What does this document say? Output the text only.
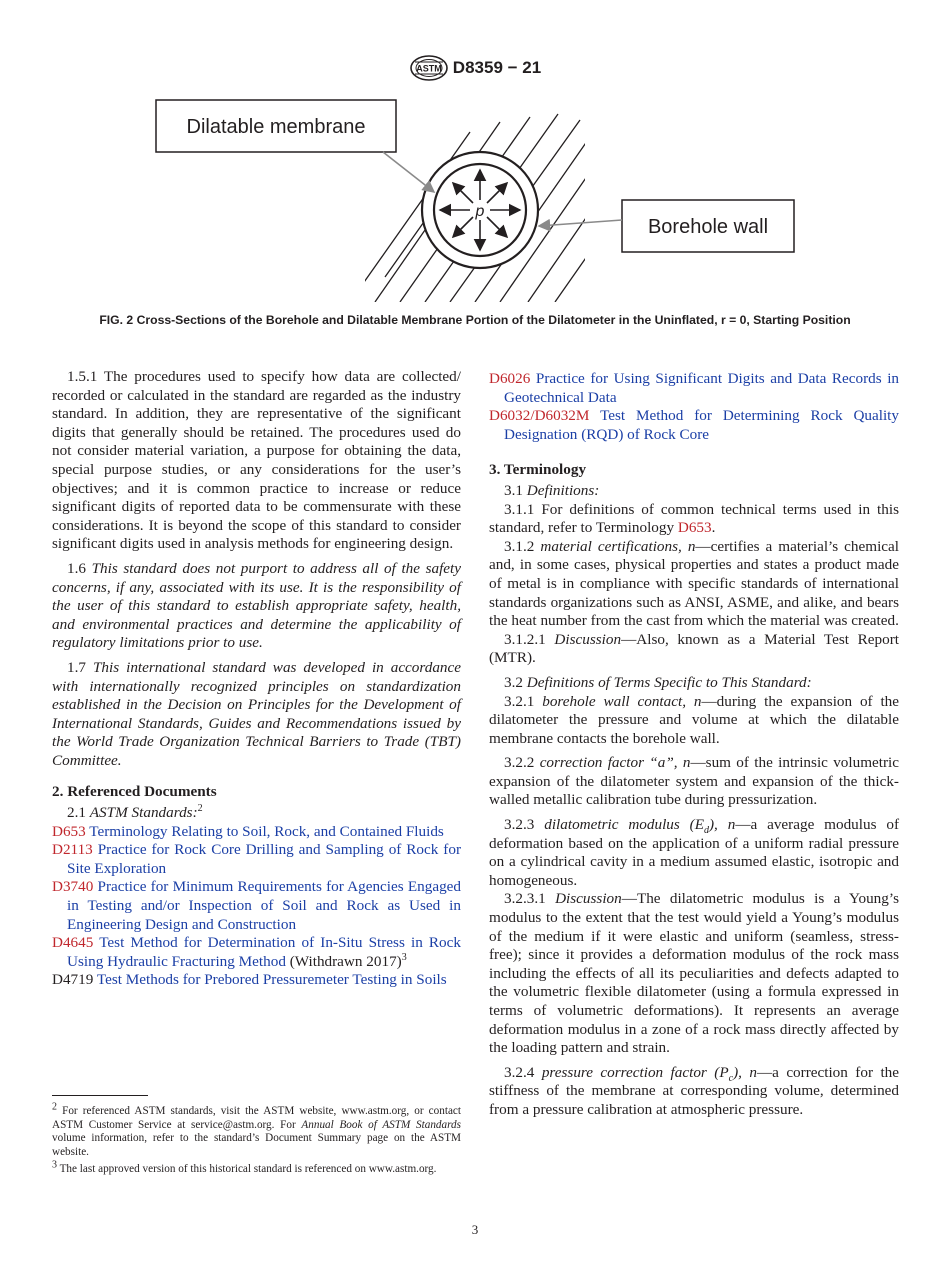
ASTM D8359 − 21
p
Dilatable membrane
Borehole wall
FIG. 2 Cross-Sections of the Borehole and Dilatable Membrane Portion of the Dilatometer in the Uninflated, r = 0, Starting Position

1.5.1 The procedures used to specify how data are collected/ recorded or calculated in the standard are regarded as the industry standard. In addition, they are representative of the significant digits that generally should be retained. The procedures used do not consider material variation, a purpose for obtaining the data, special purpose studies, or any considerations for the user’s objectives; and it is common practice to increase or reduce significant digits of reported data to be commensurate with these considerations. It is beyond the scope of this standard to consider significant digits used in analysis methods for engineering design.

1.6 This standard does not purport to address all of the safety concerns, if any, associated with its use. It is the responsibility of the user of this standard to establish appropriate safety, health, and environmental practices and determine the applicability of regulatory limitations prior to use.

1.7 This international standard was developed in accordance with internationally recognized principles on standardization established in the Decision on Principles for the Development of International Standards, Guides and Recommendations issued by the World Trade Organization Technical Barriers to Trade (TBT) Committee.

2. Referenced Documents

2.1 ASTM Standards:$^2$

D653 Terminology Relating to Soil, Rock, and Contained Fluids

D2113 Practice for Rock Core Drilling and Sampling of Rock for Site Exploration

D3740 Practice for Minimum Requirements for Agencies Engaged in Testing and/or Inspection of Soil and Rock as Used in Engineering Design and Construction

D4645 Test Method for Determination of In-Situ Stress in Rock Using Hydraulic Fracturing Method (Withdrawn 2017)$^3$

D4719 Test Methods for Prebored Pressuremeter Testing in Soils

$^2$ For referenced ASTM standards, visit the ASTM website, www.astm.org, or contact ASTM Customer Service at service@astm.org. For Annual Book of ASTM Standards volume information, refer to the standard’s Document Summary page on the ASTM website.
$^3$ The last approved version of this historical standard is referenced on www.astm.org.

D6026 Practice for Using Significant Digits and Data Records in Geotechnical Data

D6032/D6032M Test Method for Determining Rock Quality Designation (RQD) of Rock Core

3. Terminology

3.1 Definitions:

3.1.1 For definitions of common technical terms used in this standard, refer to Terminology D653.

3.1.2 material certifications, n—certifies a material’s chemical and, in some cases, physical properties and states a product made of metal is in compliance with specific standards of international standards organizations such as ANSI, ASME, and alike, and bears the heat number from the cast from which the material was created.

3.1.2.1 Discussion—Also, known as a Material Test Report (MTR).

3.2 Definitions of Terms Specific to This Standard:

3.2.1 borehole wall contact, n—during the expansion of the dilatometer the pressure and volume at which the dilatable membrane contacts the borehole wall.

3.2.2 correction factor “a”, n—sum of the intrinsic volumetric expansion of the dilatometer system and expansion of the thick-walled metallic calibration tube during pressurization.

3.2.3 dilatometric modulus $(E_d)$, n—a average modulus of deformation based on the application of a uniform radial pressure on a cylindrical cavity in a medium assumed elastic, isotropic and homogeneous.

3.2.3.1 Discussion—The dilatometric modulus is a Young’s modulus to the extent that the test would yield a Young’s modulus of the medium if it were elastic and uniform (seamless, stress-free); since it provides a deformation modulus of the rock mass including the effects of all its peculiarities and defects adapted to the volumetric flexible dilatometer (using a formula expressed in terms of volumetric deformations). It represents an average deformation modulus in a zone of a rock mass directly affected by the loading pattern and strain.

3.2.4 pressure correction factor $(P_c)$, n—a correction for the stiffness of the membrane at corresponding volume, determined from a pressure calibration at atmospheric pressure.

3
